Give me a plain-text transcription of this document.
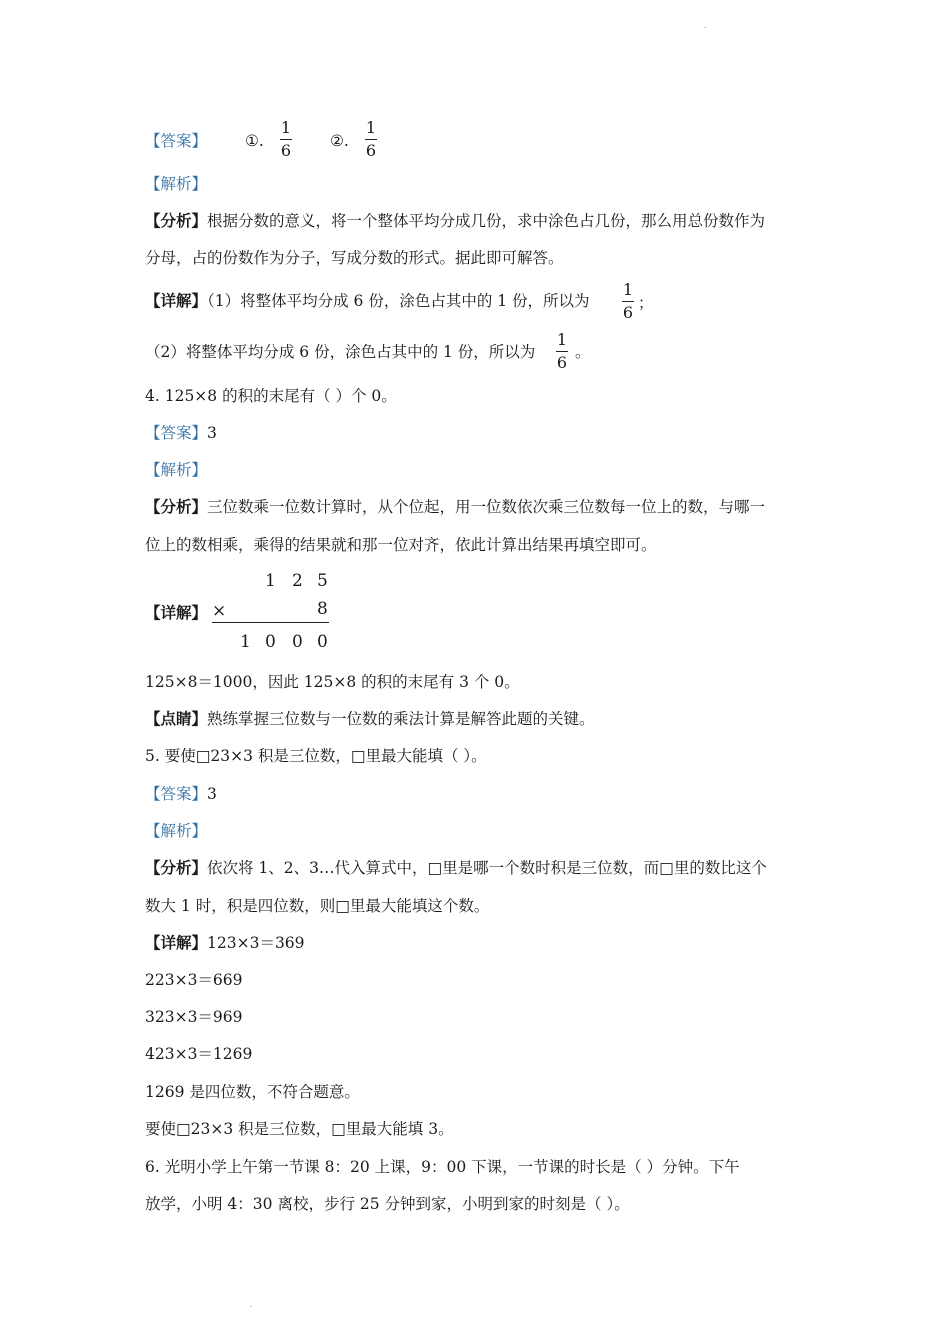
【答案】 ①.
1
6	②.
1
6
【解析】
【分析】根据分数的意义，将一个整体平均分成几份，求中涂色占几份，那么用总份数作为
分母，占的份数作为分子，写成分数的形式。据此即可解答。
【详解】（1）将整体平均分成 6 份，涂色占其中的 1 份，所以为
1
6 ；
（2）将整体平均分成 6 份，涂色占其中的 1 份，所以为
1
6
。
4. 125×8 的积的末尾有（ ）个 0。
【答案】3
【解析】
【分析】三位数乘一位数计算时，从个位起，用一位数依次乘三位数每一位上的数，与哪一
位上的数相乘，乘得的结果就和那一位对齐，依此计算出结果再填空即可。
【详解】
1 2 5
×	8
1 0 0 0
125×8＝1000，因此 125×8 的积的末尾有 3 个 0。
【点睛】熟练掌握三位数与一位数的乘法计算是解答此题的关键。
5. 要使□23×3 积是三位数，□里最大能填（ ）。
【答案】3
【解析】
【分析】依次将 1、2、3…代入算式中，□里是哪一个数时积是三位数，而□里的数比这个
数大 1 时，积是四位数，则□里最大能填这个数。
【详解】123×3＝369
223×3＝669
323×3＝969
423×3＝1269
1269 是四位数，不符合题意。
要使□23×3 积是三位数，□里最大能填 3。
6. 光明小学上午第一节课 8：20 上课，9：00 下课，一节课的时长是（ ）分钟。下午
放学，小明 4：30 离校，步行 25 分钟到家，小明到家的时刻是（ ）。
